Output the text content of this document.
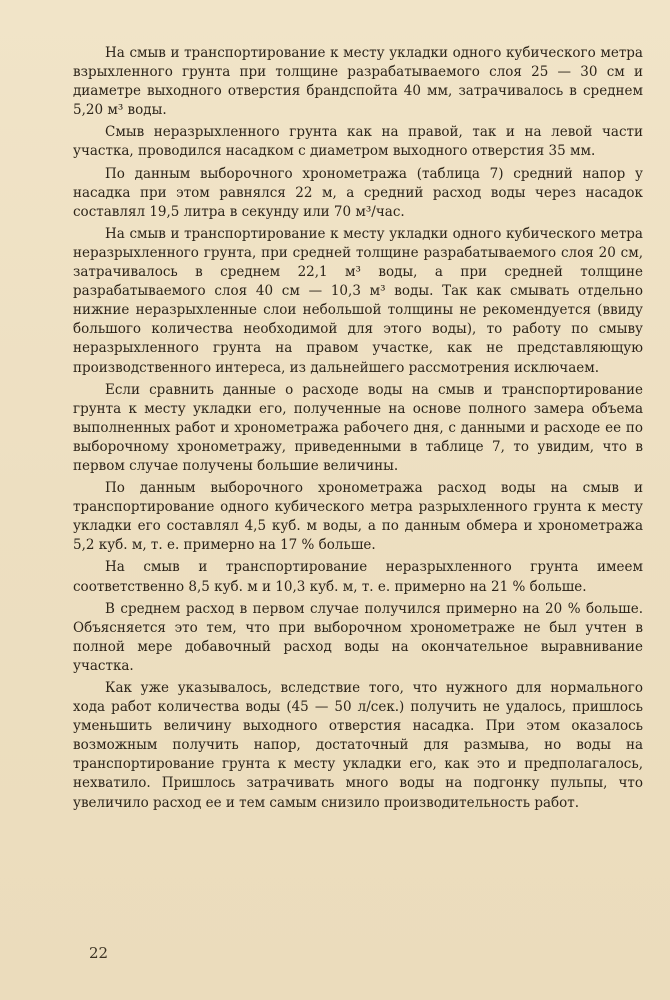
На смыв и транспортирование к месту укладки одного кубического метра взрыхленного грунта при толщине разрабатываемого слоя 25 — 30 см и диаметре выходного отверстия брандспойта 40 мм, затрачивалось в среднем 5,20 м³ воды.

Смыв неразрыхленного грунта как на правой, так и на левой части участка, проводился насадком с диаметром выходного отверстия 35 мм.

По данным выборочного хронометража (таблица 7) средний напор у насадка при этом равнялся 22 м, а средний расход воды через насадок составлял 19,5 литра в секунду или 70 м³/час.

На смыв и транспортирование к месту укладки одного кубического метра неразрыхленного грунта, при средней толщине разрабатываемого слоя 20 см, затрачивалось в среднем 22,1 м³ воды, а при средней толщине разрабатываемого слоя 40 см — 10,3 м³ воды. Так как смывать отдельно нижние неразрыхленные слои небольшой толщины не рекомендуется (ввиду большого количества необходимой для этого воды), то работу по смыву неразрыхленного грунта на правом участке, как не представляющую производственного интереса, из дальнейшего рассмотрения исключаем.

Если сравнить данные о расходе воды на смыв и транспортирование грунта к месту укладки его, полученные на основе полного замера объема выполненных работ и хронометража рабочего дня, с данными и расходе ее по выборочному хронометражу, приведенными в таблице 7, то увидим, что в первом случае получены большие величины.

По данным выборочного хронометража расход воды на смыв и транспортирование одного кубического метра разрыхленного грунта к месту укладки его составлял 4,5 куб. м воды, а по данным обмера и хронометража 5,2 куб. м, т. е. примерно на 17 % больше.

На смыв и транспортирование неразрыхленного грунта имеем соответственно 8,5 куб. м и 10,3 куб. м, т. е. примерно на 21 % больше.

В среднем расход в первом случае получился примерно на 20 % больше. Объясняется это тем, что при выборочном хронометраже не был учтен в полной мере добавочный расход воды на окончательное выравнивание участка.

Как уже указывалось, вследствие того, что нужного для нормального хода работ количества воды (45 — 50 л/сек.) получить не удалось, пришлось уменьшить величину выходного отверстия насадка. При этом оказалось возможным получить напор, достаточный для размыва, но воды на транспортирование грунта к месту укладки его, как это и предполагалось, нехватило. Пришлось затрачивать много воды на подгонку пульпы, что увеличило расход ее и тем самым снизило производительность работ.

22
